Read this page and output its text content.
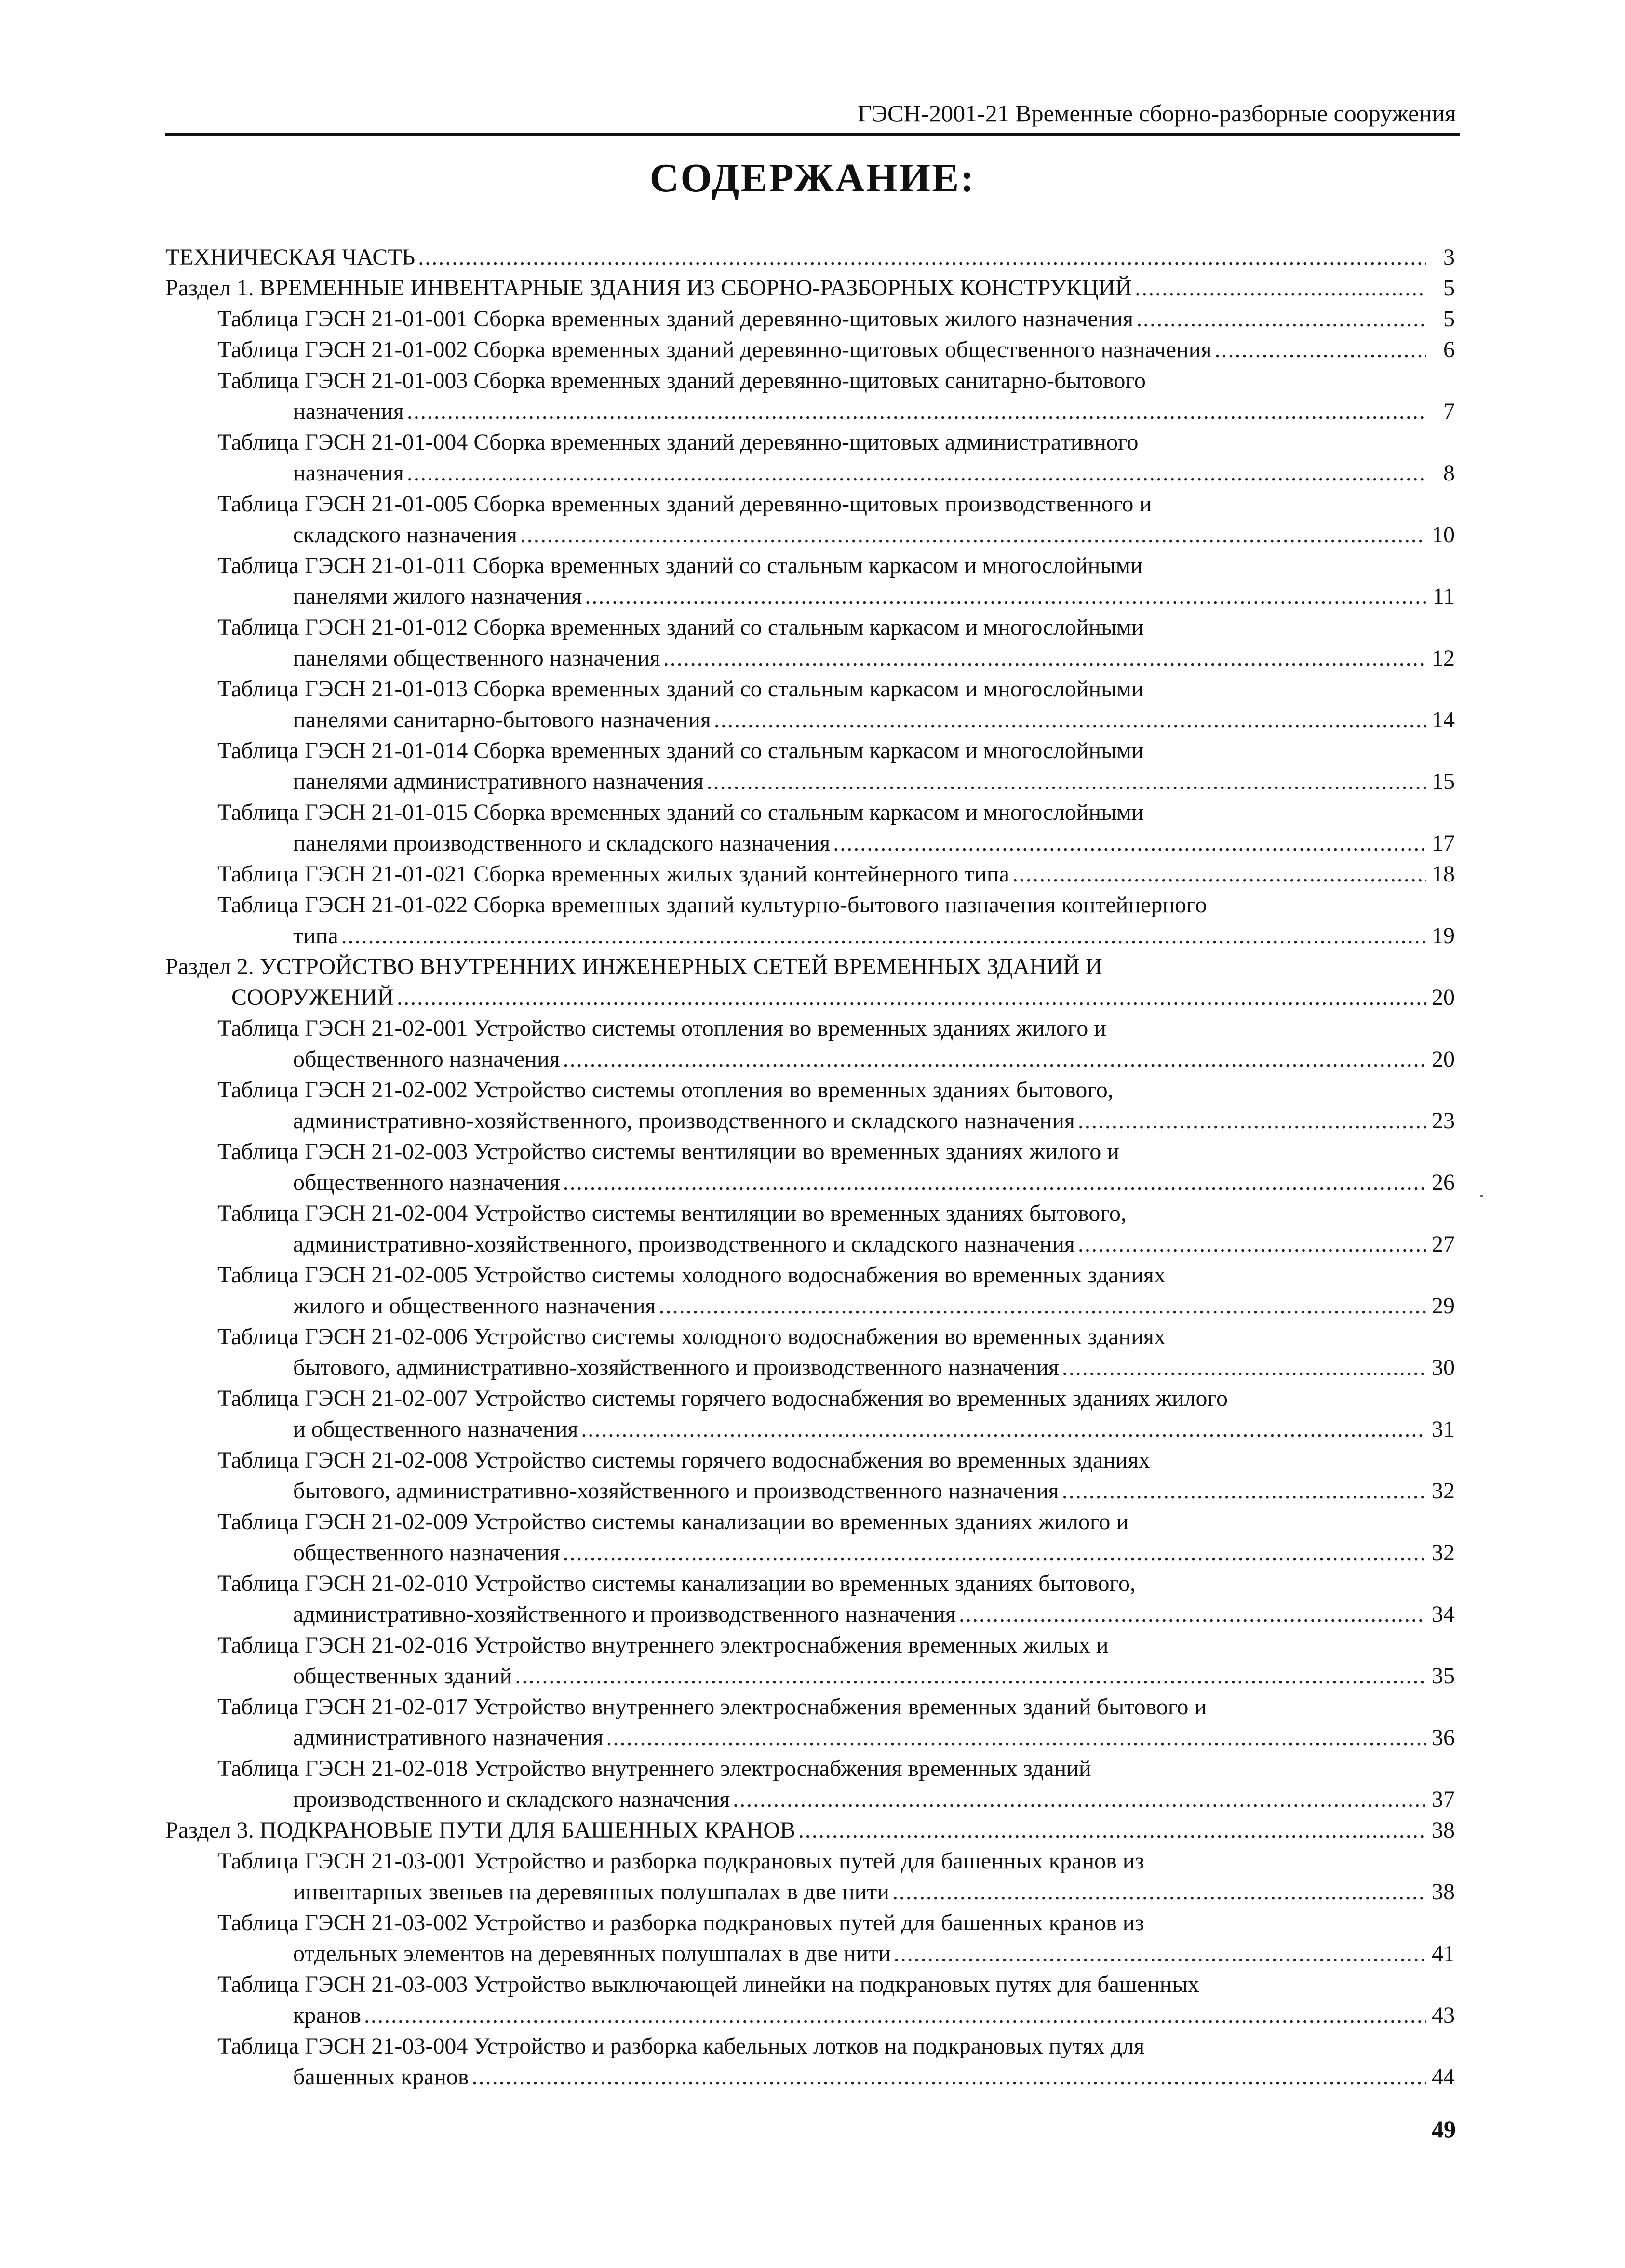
ГЭСН-2001-21 Временные сборно-разборные сооружения
СОДЕРЖАНИЕ:
ТЕХНИЧЕСКАЯ ЧАСТЬ .....	3
Раздел 1. ВРЕМЕННЫЕ ИНВЕНТАРНЫЕ ЗДАНИЯ ИЗ СБОРНО-РАЗБОРНЫХ КОНСТРУКЦИЙ .....	5
Таблица ГЭСН 21-01-001 Сборка временных зданий деревянно-щитовых жилого назначения .....	5
Таблица ГЭСН 21-01-002 Сборка временных зданий деревянно-щитовых общественного назначения .....	6
Таблица ГЭСН 21-01-003 Сборка временных зданий деревянно-щитовых санитарно-бытового
назначения .....	7
Таблица ГЭСН 21-01-004 Сборка временных зданий деревянно-щитовых административного
назначения .....	8
Таблица ГЭСН 21-01-005 Сборка временных зданий деревянно-щитовых производственного и
складского назначения .....	10
Таблица ГЭСН 21-01-011 Сборка временных зданий со стальным каркасом и многослойными
панелями жилого назначения .....	11
Таблица ГЭСН 21-01-012 Сборка временных зданий со стальным каркасом и многослойными
панелями общественного назначения .....	12
Таблица ГЭСН 21-01-013 Сборка временных зданий со стальным каркасом и многослойными
панелями санитарно-бытового назначения .....	14
Таблица ГЭСН 21-01-014 Сборка временных зданий со стальным каркасом и многослойными
панелями административного назначения .....	15
Таблица ГЭСН 21-01-015 Сборка временных зданий со стальным каркасом и многослойными
панелями производственного и складского назначения .....	17
Таблица ГЭСН 21-01-021 Сборка временных жилых зданий контейнерного типа .....	18
Таблица ГЭСН 21-01-022 Сборка временных зданий культурно-бытового назначения контейнерного
типа .....	19
Раздел 2. УСТРОЙСТВО ВНУТРЕННИХ ИНЖЕНЕРНЫХ СЕТЕЙ ВРЕМЕННЫХ ЗДАНИЙ И
СООРУЖЕНИЙ .....	20
Таблица ГЭСН 21-02-001 Устройство системы отопления во временных зданиях жилого и
общественного назначения .....	20
Таблица ГЭСН 21-02-002 Устройство системы отопления во временных зданиях бытового,
административно-хозяйственного, производственного и складского назначения .....	23
Таблица ГЭСН 21-02-003 Устройство системы вентиляции во временных зданиях жилого и
общественного назначения .....	26
Таблица ГЭСН 21-02-004 Устройство системы вентиляции во временных зданиях бытового,
административно-хозяйственного, производственного и складского назначения .....	27
Таблица ГЭСН 21-02-005 Устройство системы холодного водоснабжения во временных зданиях
жилого и общественного назначения .....	29
Таблица ГЭСН 21-02-006 Устройство системы холодного водоснабжения во временных зданиях
бытового, административно-хозяйственного и производственного назначения .....	30
Таблица ГЭСН 21-02-007 Устройство системы горячего водоснабжения во временных зданиях жилого
и общественного назначения .....	31
Таблица ГЭСН 21-02-008 Устройство системы горячего водоснабжения во временных зданиях
бытового, административно-хозяйственного и производственного назначения .....	32
Таблица ГЭСН 21-02-009 Устройство системы канализации во временных зданиях жилого и
общественного назначения .....	32
Таблица ГЭСН 21-02-010 Устройство системы канализации во временных зданиях бытового,
административно-хозяйственного и производственного назначения .....	34
Таблица ГЭСН 21-02-016 Устройство внутреннего электроснабжения временных жилых и
общественных зданий .....	35
Таблица ГЭСН 21-02-017 Устройство внутреннего электроснабжения временных зданий бытового и
административного назначения .....	36
Таблица ГЭСН 21-02-018 Устройство внутреннего электроснабжения временных зданий
производственного и складского назначения .....	37
Раздел 3. ПОДКРАНОВЫЕ ПУТИ ДЛЯ БАШЕННЫХ КРАНОВ .....	38
Таблица ГЭСН 21-03-001 Устройство и разборка подкрановых путей для башенных кранов из
инвентарных звеньев на деревянных полушпалах в две нити .....	38
Таблица ГЭСН 21-03-002 Устройство и разборка подкрановых путей для башенных кранов из
отдельных элементов на деревянных полушпалах в две нити .....	41
Таблица ГЭСН 21-03-003 Устройство выключающей линейки на подкрановых путях для башенных
кранов .....	43
Таблица ГЭСН 21-03-004 Устройство и разборка кабельных лотков на подкрановых путях для
башенных кранов .....	44
49
